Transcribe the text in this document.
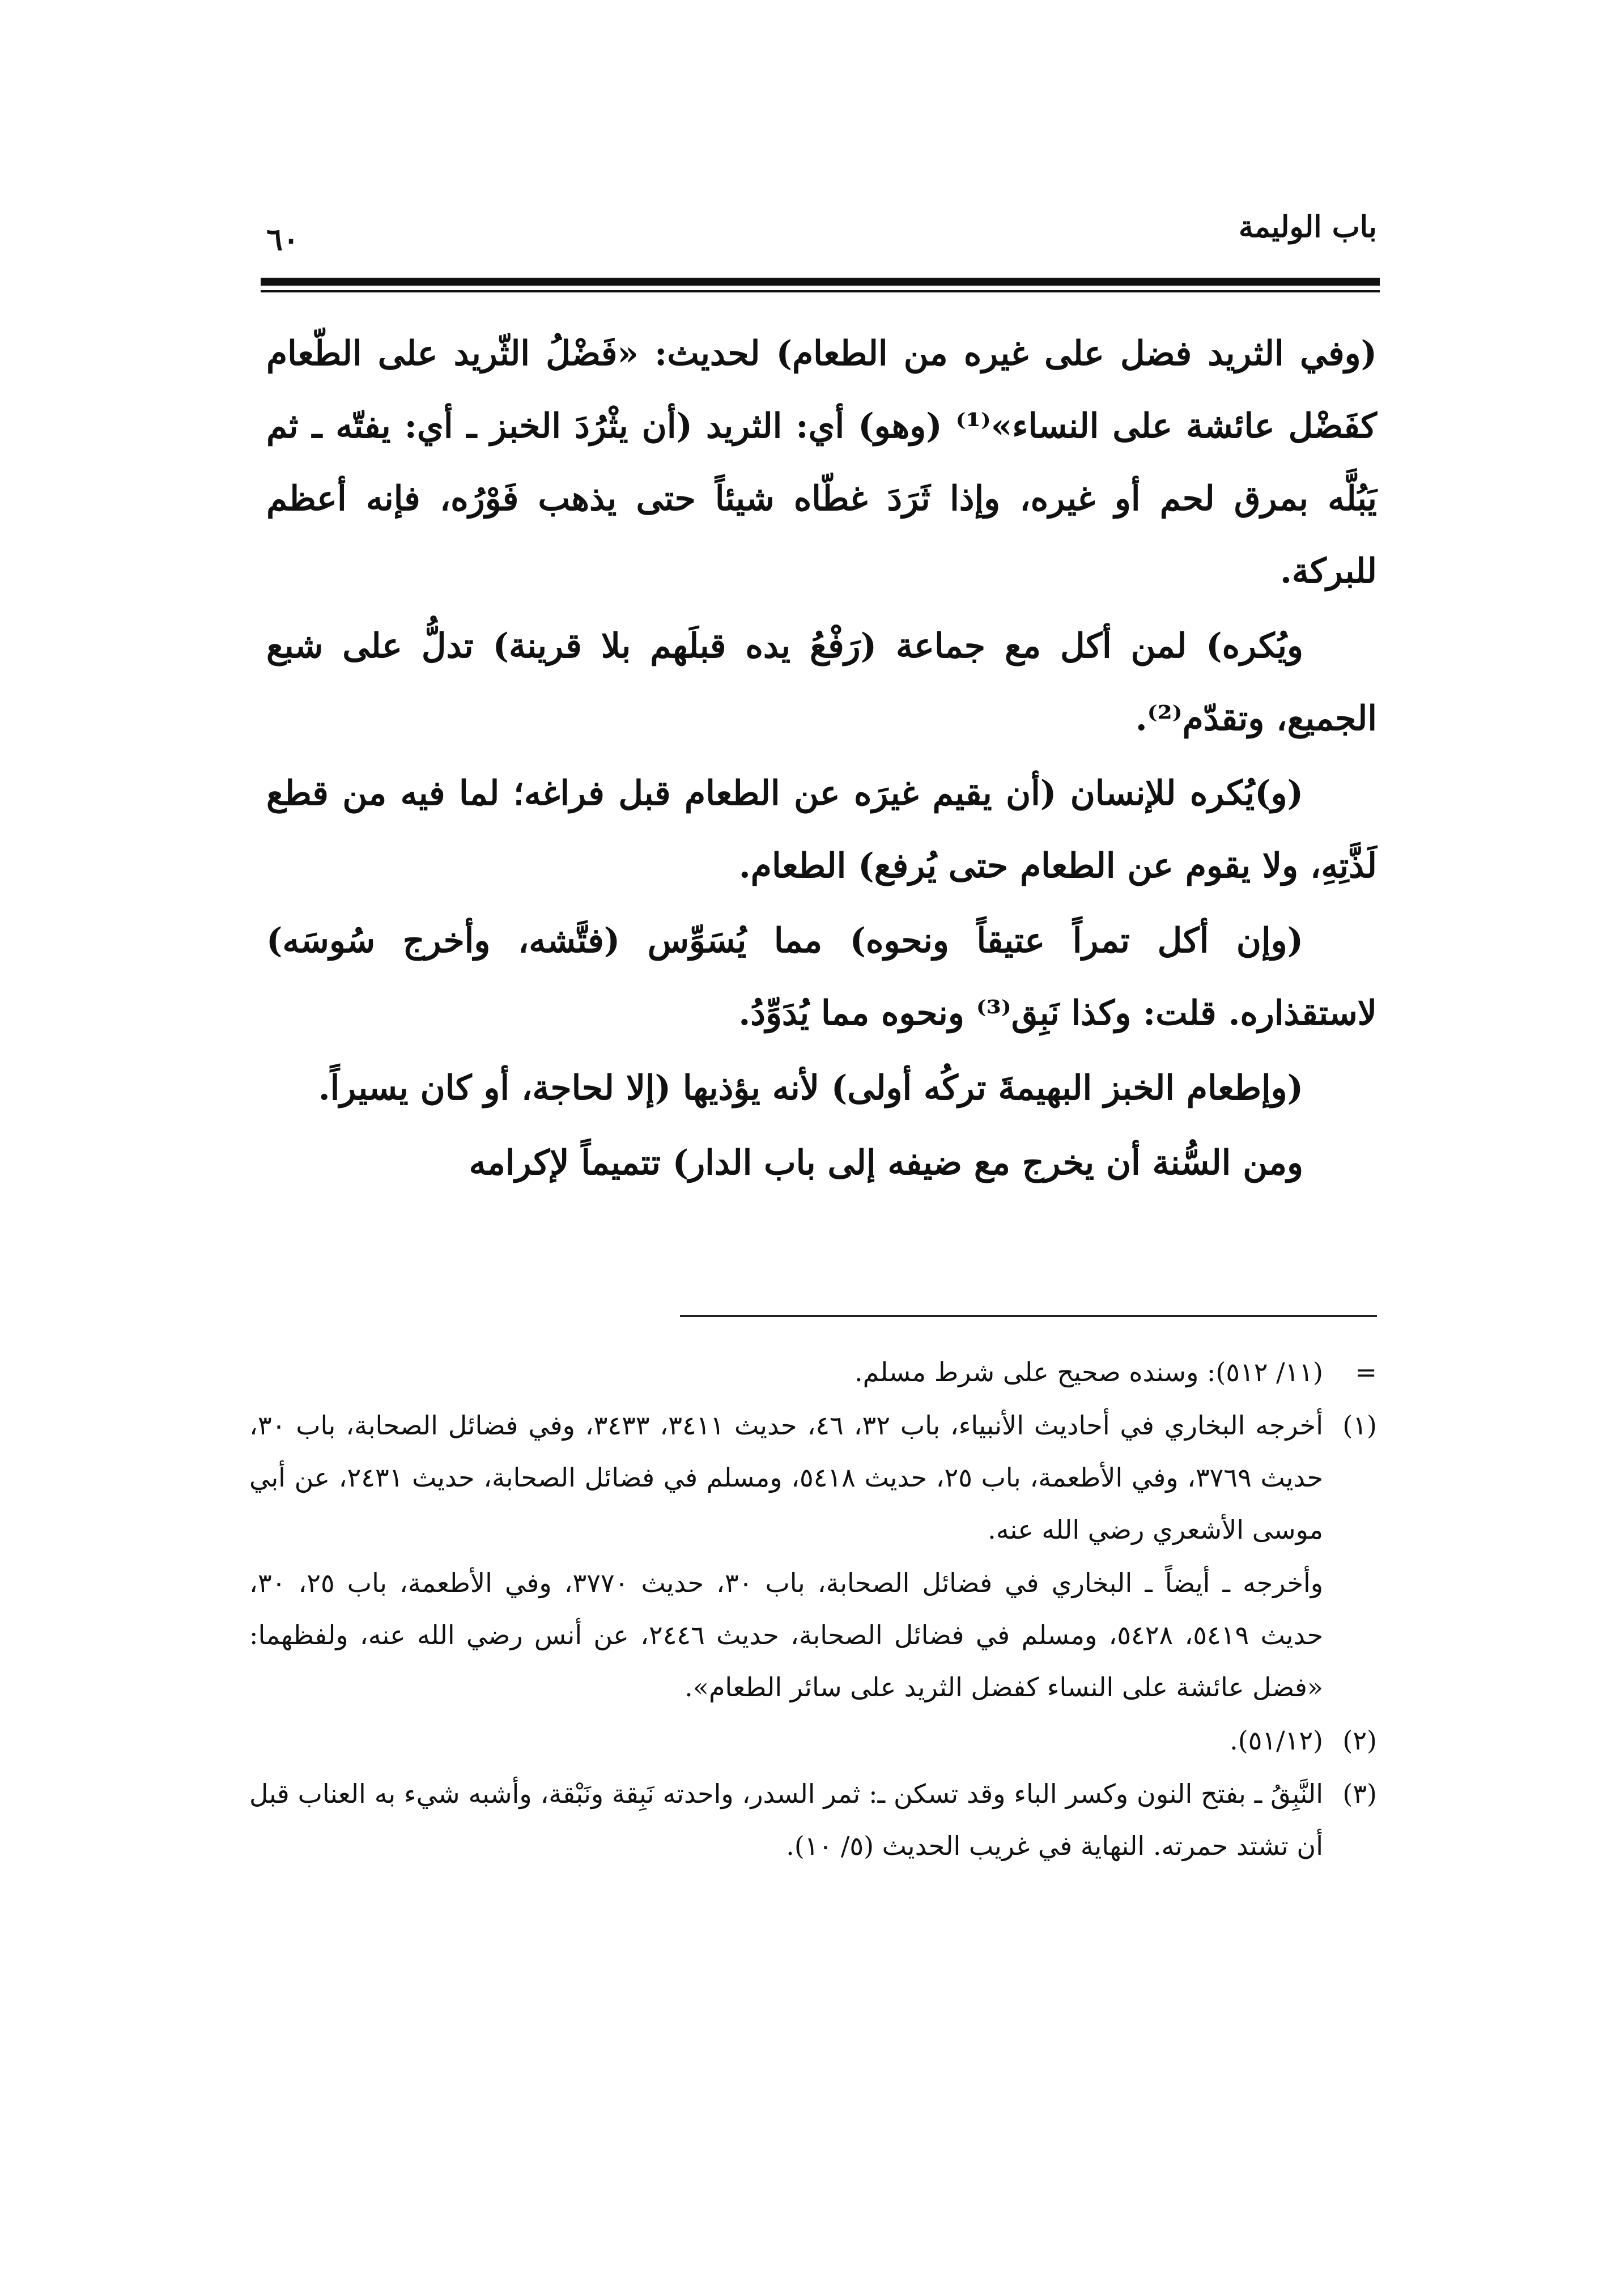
باب الوليمة
٦٠

(وفي الثريد فضل على غيره من الطعام) لحديث: «فَضْلُ الثّريد على الطّعام كفَضْل عائشة على النساء»⁽¹⁾ (وهو) أي: الثريد (أن يثْرُدَ الخبز ـ أي: يفتّه ـ ثم يَبُلَّه بمرق لحم أو غيره، وإذا ثَرَدَ غطّاه شيئاً حتى يذهب فَوْرُه، فإنه أعظم للبركة.

ويُكره) لمن أكل مع جماعة (رَفْعُ يده قبلَهم بلا قرينة) تدلُّ على شبع الجميع، وتقدّم⁽²⁾.

(و)يُكره للإنسان (أن يقيم غيرَه عن الطعام قبل فراغه؛ لما فيه من قطع لَذَّتِهِ، ولا يقوم عن الطعام حتى يُرفع) الطعام.

(وإن أكل تمراً عتيقاً ونحوه) مما يُسَوِّس (فتَّشه، وأخرج سُوسَه) لاستقذاره. قلت: وكذا نَبِق⁽³⁾ ونحوه مما يُدَوِّدُ.

(وإطعام الخبز البهيمةَ تركُه أولى) لأنه يؤذيها (إلا لحاجة، أو كان يسيراً.

ومن السُّنة أن يخرج مع ضيفه إلى باب الدار) تتميماً لإكرامه

=
(١١/ ٥١٢): وسنده صحيح على شرط مسلم.

(١)
أخرجه البخاري في أحاديث الأنبياء، باب ٣٢، ٤٦، حديث ٣٤١١، ٣٤٣٣، وفي فضائل الصحابة، باب ٣٠، حديث ٣٧٦٩، وفي الأطعمة، باب ٢٥، حديث ٥٤١٨، ومسلم في فضائل الصحابة، حديث ٢٤٣١، عن أبي موسى الأشعري رضي الله عنه.

وأخرجه ـ أيضاً ـ البخاري في فضائل الصحابة، باب ٣٠، حديث ٣٧٧٠، وفي الأطعمة، باب ٢٥، ٣٠، حديث ٥٤١٩، ٥٤٢٨، ومسلم في فضائل الصحابة، حديث ٢٤٤٦، عن أنس رضي الله عنه، ولفظهما: «فضل عائشة على النساء كفضل الثريد على سائر الطعام».

(٢)
(٥١/١٢).

(٣)
النَّبِقُ ـ بفتح النون وكسر الباء وقد تسكن ـ: ثمر السدر، واحدته نَبِقة ونَبْقة، وأشبه شيء به العناب قبل أن تشتد حمرته. النهاية في غريب الحديث (٥/ ١٠).
